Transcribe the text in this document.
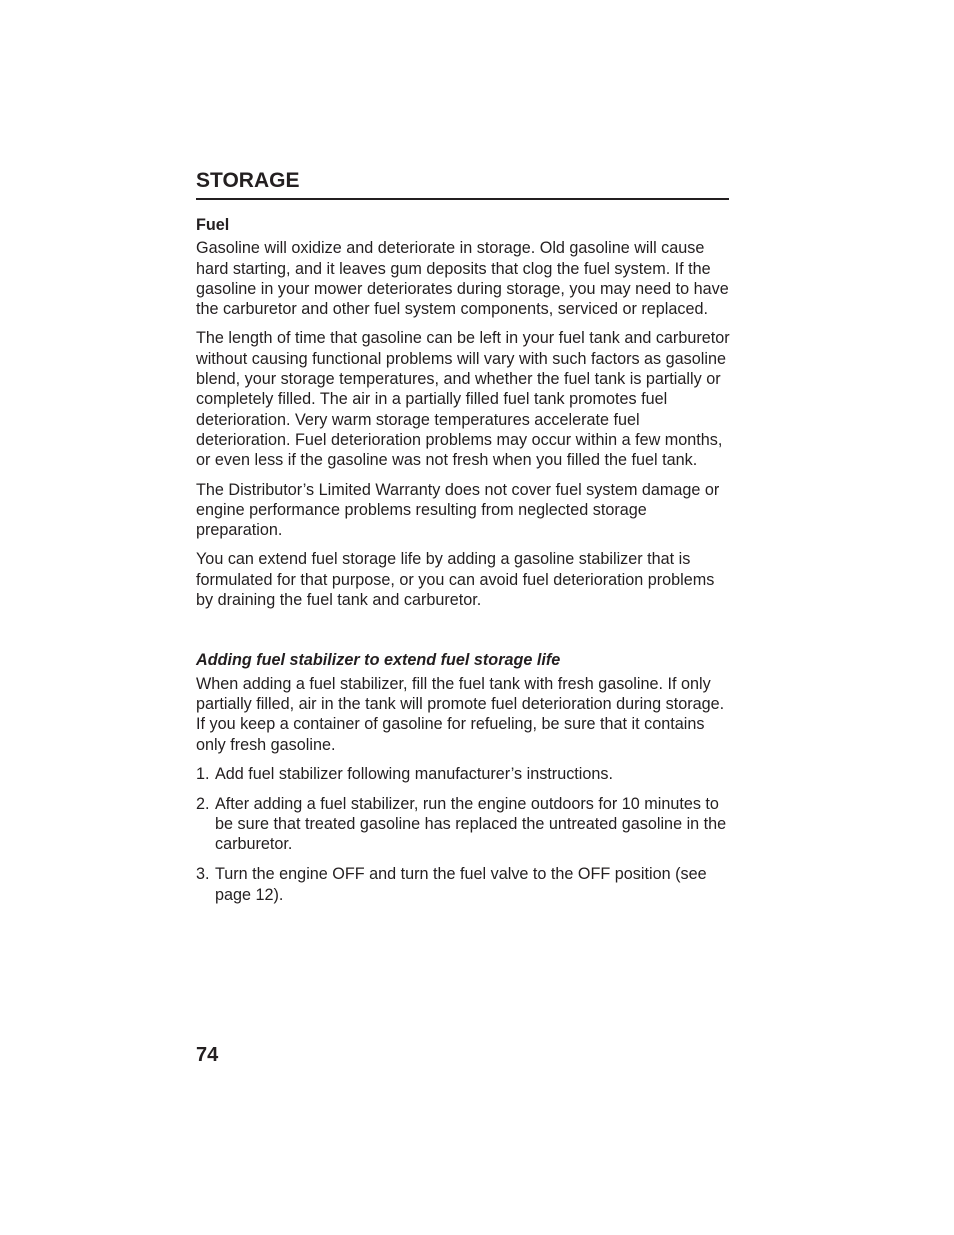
STORAGE
Fuel

Gasoline will oxidize and deteriorate in storage. Old gasoline will cause hard starting, and it leaves gum deposits that clog the fuel system. If the gasoline in your mower deteriorates during storage, you may need to have the carburetor and other fuel system components, serviced or replaced.

The length of time that gasoline can be left in your fuel tank and carburetor without causing functional problems will vary with such factors as gasoline blend, your storage temperatures, and whether the fuel tank is partially or completely filled. The air in a partially filled fuel tank promotes fuel deterioration. Very warm storage temperatures accelerate fuel deterioration. Fuel deterioration problems may occur within a few months, or even less if the gasoline was not fresh when you filled the fuel tank.

The Distributor’s Limited Warranty does not cover fuel system damage or engine performance problems resulting from neglected storage preparation.

You can extend fuel storage life by adding a gasoline stabilizer that is formulated for that purpose, or you can avoid fuel deterioration problems by draining the fuel tank and carburetor.

Adding fuel stabilizer to extend fuel storage life

When adding a fuel stabilizer, fill the fuel tank with fresh gasoline. If only partially filled, air in the tank will promote fuel deterioration during storage. If you keep a container of gasoline for refueling, be sure that it contains only fresh gasoline.

1. Add fuel stabilizer following manufacturer’s instructions.
2. After adding a fuel stabilizer, run the engine outdoors for 10 minutes to be sure that treated gasoline has replaced the untreated gasoline in the carburetor.
3. Turn the engine OFF and turn the fuel valve to the OFF position (see page 12).
74
